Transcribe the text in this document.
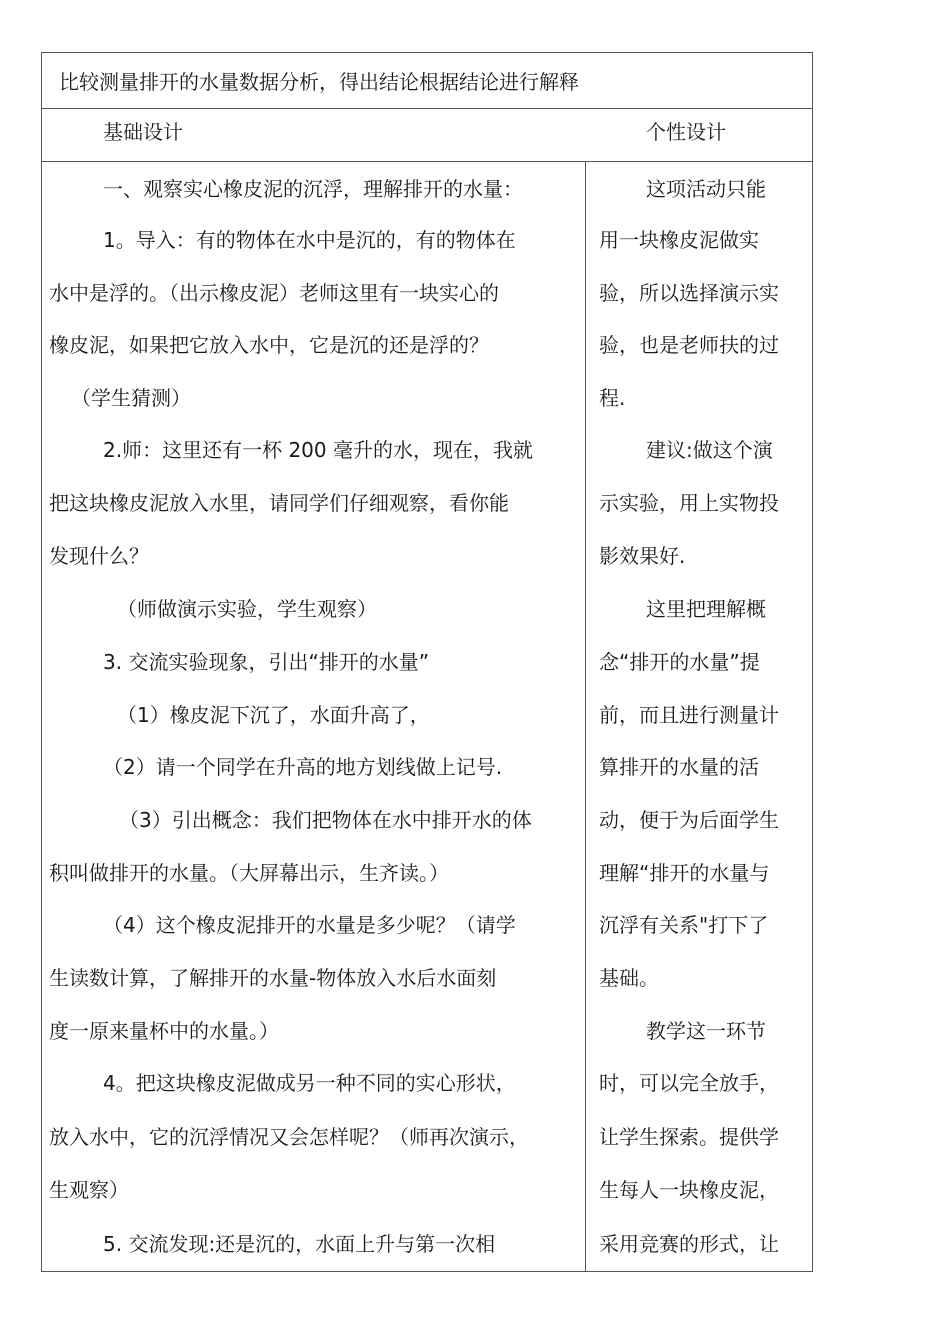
比较测量排开的水量数据分析，得出结论根据结论进行解释
基础设计	个性设计
一、观察实心橡皮泥的沉浮，理解排开的水量：
1。导入：有的物体在水中是沉的，有的物体在
水中是浮的。（出示橡皮泥）老师这里有一块实心的
橡皮泥，如果把它放入水中，它是沉的还是浮的？
（学生猜测）
2.师：这里还有一杯 200 毫升的水，现在，我就
把这块橡皮泥放入水里，请同学们仔细观察，看你能
发现什么？
（师做演示实验，学生观察）
3. 交流实验现象，引出“排开的水量”
（1）橡皮泥下沉了，水面升高了，
（2）请一个同学在升高的地方划线做上记号.
（3）引出概念：我们把物体在水中排开水的体
积叫做排开的水量。（大屏幕出示，生齐读。）
（4）这个橡皮泥排开的水量是多少呢？（请学
生读数计算，了解排开的水量-物体放入水后水面刻
度一原来量杯中的水量。）
4。把这块橡皮泥做成另一种不同的实心形状，
放入水中，它的沉浮情况又会怎样呢？（师再次演示，
生观察）
5. 交流发现:还是沉的，水面上升与第一次相
这项活动只能
用一块橡皮泥做实
验，所以选择演示实
验，也是老师扶的过
程.
建议:做这个演
示实验，用上实物投
影效果好.
这里把理解概
念“排开的水量”提
前，而且进行测量计
算排开的水量的活
动，便于为后面学生
理解“排开的水量与
沉浮有关系"打下了
基础。
教学这一环节
时，可以完全放手，
让学生探索。提供学
生每人一块橡皮泥，
采用竞赛的形式，让
